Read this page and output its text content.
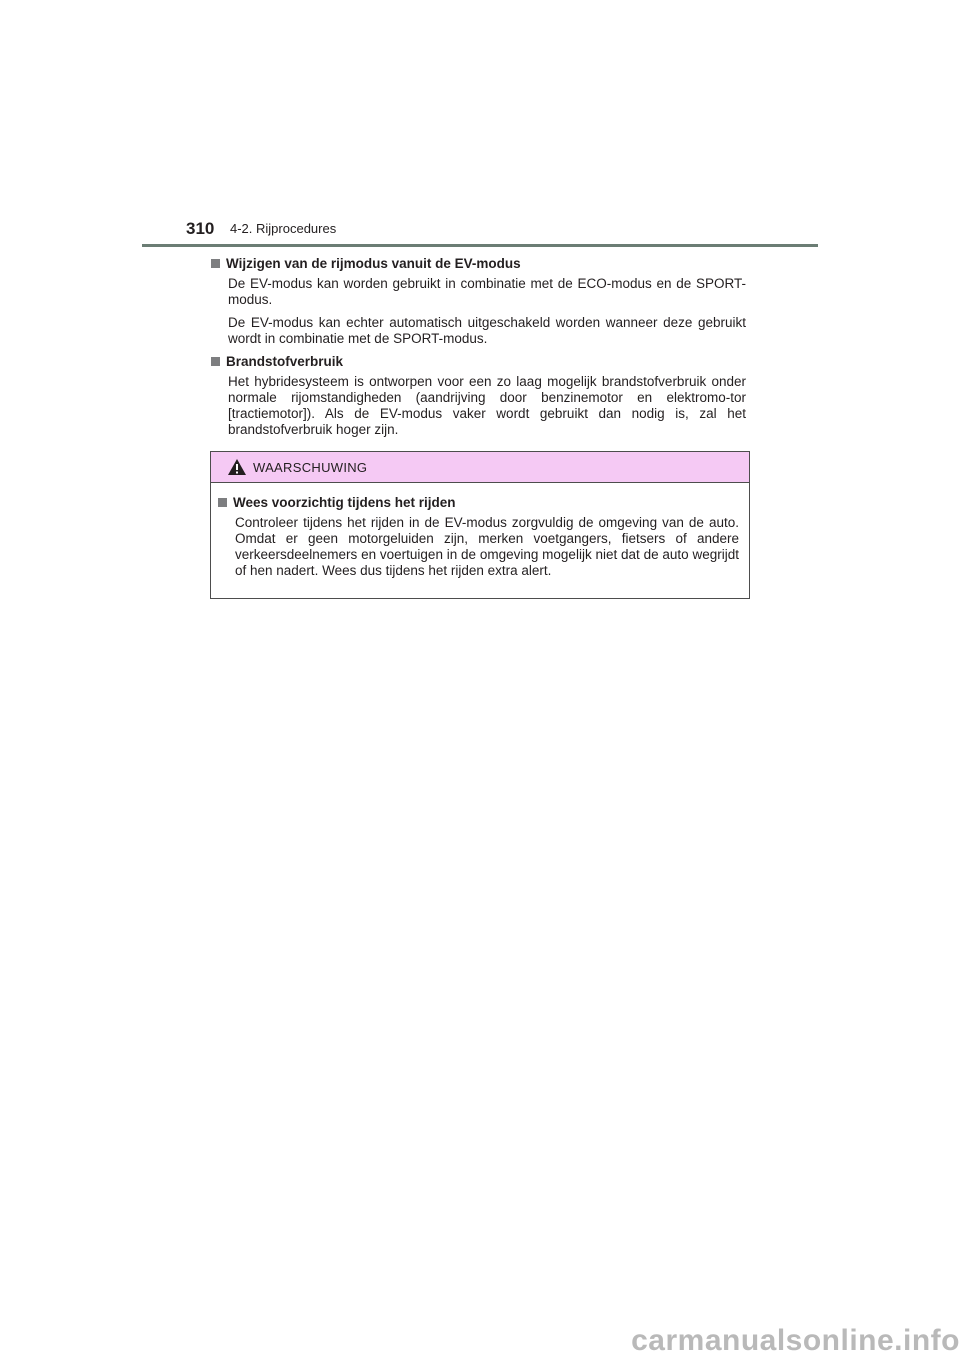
310 4-2. Rijprocedures
Wijzigen van de rijmodus vanuit de EV-modus

De EV-modus kan worden gebruikt in combinatie met de ECO-modus en de SPORT-modus.

De EV-modus kan echter automatisch uitgeschakeld worden wanneer deze gebruikt wordt in combinatie met de SPORT-modus.

Brandstofverbruik

Het hybridesysteem is ontworpen voor een zo laag mogelijk brandstofverbruik onder normale rijomstandigheden (aandrijving door benzinemotor en elektromo-tor [tractiemotor]). Als de EV-modus vaker wordt gebruikt dan nodig is, zal het brandstofverbruik hoger zijn.

WAARSCHUWING
Wees voorzichtig tijdens het rijden

Controleer tijdens het rijden in de EV-modus zorgvuldig de omgeving van de auto. Omdat er geen motorgeluiden zijn, merken voetgangers, fietsers of andere verkeersdeelnemers en voertuigen in de omgeving mogelijk niet dat de auto wegrijdt of hen nadert. Wees dus tijdens het rijden extra alert.

carmanualsonline.info
